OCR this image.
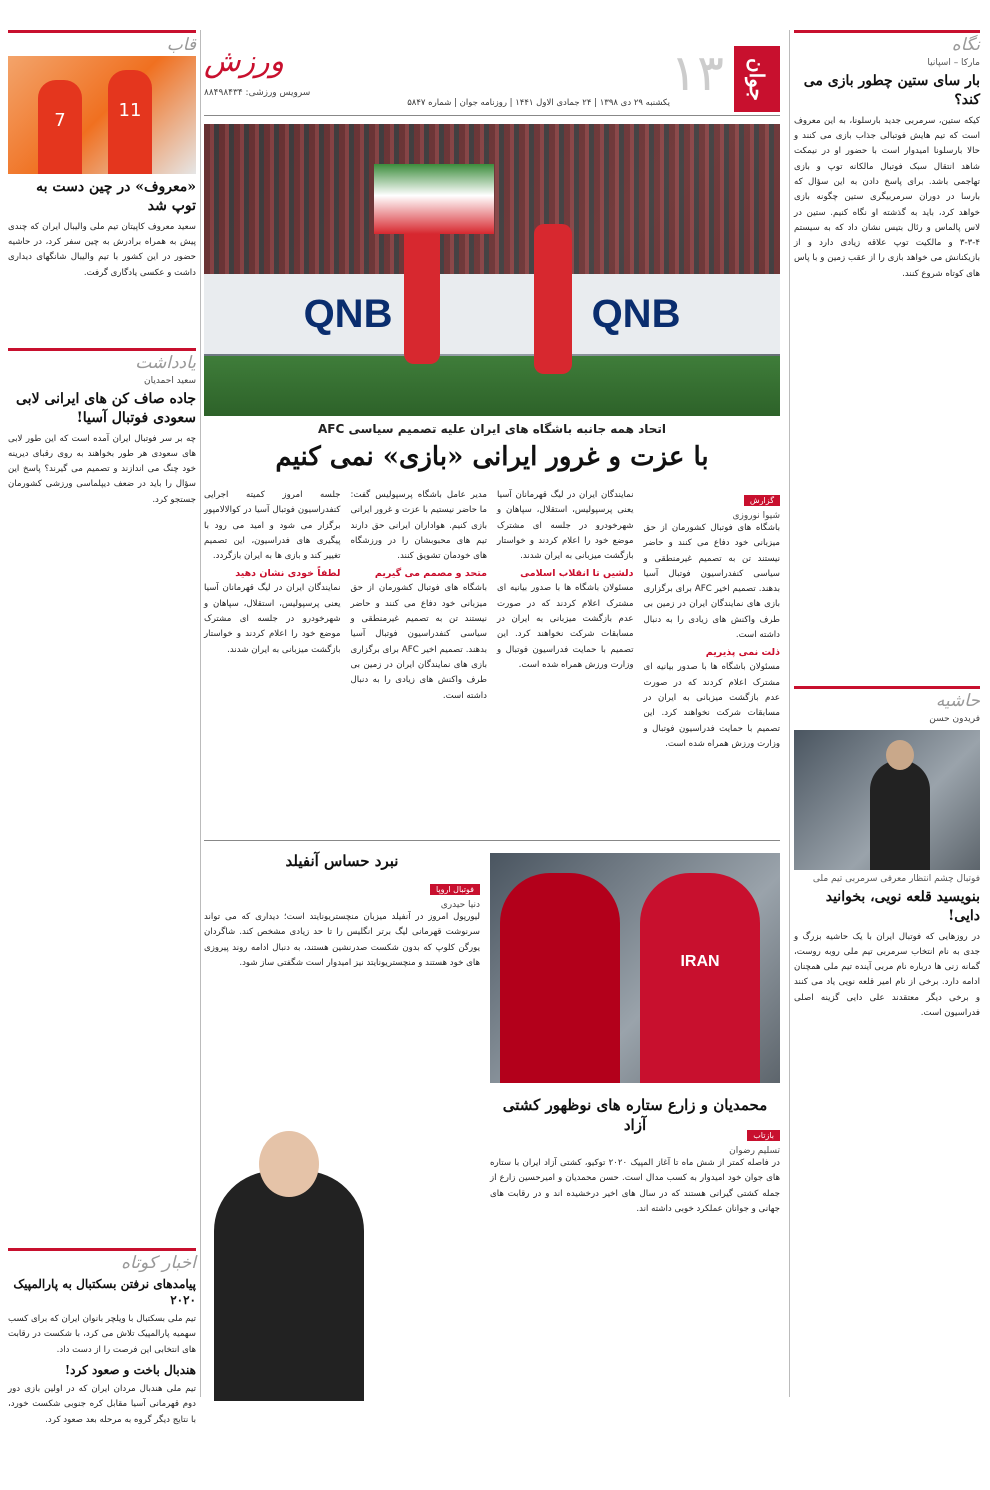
نگاه
مارکا – اسپانیا
بار سای ستین چطور بازی می کند؟
کیکه ستین، سرمربی جدید بارسلونا، به این معروف است که تیم هایش فوتبالی جذاب بازی می کنند و حالا بارسلونا امیدوار است با حضور او در نیمکت شاهد انتقال سبک فوتبال مالکانه توپ و بازی تهاجمی باشد. برای پاسخ دادن به این سؤال که بارسا در دوران سرمربیگری ستین چگونه بازی خواهد کرد، باید به گذشته او نگاه کنیم. ستین در لاس پالماس و رئال بتیس نشان داد که به سیستم ۴-۳-۳ و مالکیت توپ علاقه زیادی دارد و از بازیکنانش می خواهد بازی را از عقب زمین و با پاس های کوتاه شروع کنند.
حاشیه
فریدون حسن
فوتبال چشم انتظار معرفی سرمربی تیم ملی
بنویسید قلعه نویی، بخوانید دایی!
در روزهایی که فوتبال ایران با یک حاشیه بزرگ و جدی به نام انتخاب سرمربی تیم ملی روبه روست، گمانه زنی ها درباره نام مربی آینده تیم ملی همچنان ادامه دارد. برخی از نام امیر قلعه نویی یاد می کنند و برخی دیگر معتقدند علی دایی گزینه اصلی فدراسیون است.
جوان
۱۳
ورزش
سرویس ورزشی: ۸۸۴۹۸۴۳۴
یکشنبه ۲۹ دی ۱۳۹۸ | ۲۴ جمادی الاول ۱۴۴۱ | روزنامه جوان | شماره ۵۸۴۷
QNB
QNB
عکس: رضا محسنی / جوان
اتحاد همه جانبه باشگاه های ایران علیه تصمیم سیاسی AFC
با عزت و غرور ایرانی «بازی» نمی کنیم
گزارش
شیوا نوروزی
باشگاه های فوتبال کشورمان از حق میزبانی خود دفاع می کنند و حاضر نیستند تن به تصمیم غیرمنطقی و سیاسی کنفدراسیون فوتبال آسیا بدهند. تصمیم اخیر AFC برای برگزاری بازی های نمایندگان ایران در زمین بی طرف واکنش های زیادی را به دنبال داشته است.
ذلت نمی پذیریم
مسئولان باشگاه ها با صدور بیانیه ای مشترک اعلام کردند که در صورت عدم بازگشت میزبانی به ایران در مسابقات شرکت نخواهند کرد. این تصمیم با حمایت فدراسیون فوتبال و وزارت ورزش همراه شده است.
نمایندگان ایران در لیگ قهرمانان آسیا یعنی پرسپولیس، استقلال، سپاهان و شهرخودرو در جلسه ای مشترک موضع خود را اعلام کردند و خواستار بازگشت میزبانی به ایران شدند.
دلشیں تا انقلاب اسلامی
مسئولان باشگاه ها با صدور بیانیه ای مشترک اعلام کردند که در صورت عدم بازگشت میزبانی به ایران در مسابقات شرکت نخواهند کرد. این تصمیم با حمایت فدراسیون فوتبال و وزارت ورزش همراه شده است.
مدیر عامل باشگاه پرسپولیس گفت: ما حاضر نیستیم با عزت و غرور ایرانی بازی کنیم. هواداران ایرانی حق دارند تیم های محبوبشان را در ورزشگاه های خودمان تشویق کنند.
متحد و مصمم می گیریم
باشگاه های فوتبال کشورمان از حق میزبانی خود دفاع می کنند و حاضر نیستند تن به تصمیم غیرمنطقی و سیاسی کنفدراسیون فوتبال آسیا بدهند. تصمیم اخیر AFC برای برگزاری بازی های نمایندگان ایران در زمین بی طرف واکنش های زیادی را به دنبال داشته است.
جلسه امروز کمیته اجرایی کنفدراسیون فوتبال آسیا در کوالالامپور برگزار می شود و امید می رود با پیگیری های فدراسیون، این تصمیم تغییر کند و بازی ها به ایران بازگردد.
لطفاً خودی نشان دهید
نمایندگان ایران در لیگ قهرمانان آسیا یعنی پرسپولیس، استقلال، سپاهان و شهرخودرو در جلسه ای مشترک موضع خود را اعلام کردند و خواستار بازگشت میزبانی به ایران شدند.
IRAN
محمدیان و زارع ستاره های نوظهور کشتی آزاد
بازتاب
تسلیم رضوان
در فاصله کمتر از شش ماه تا آغاز المپیک ۲۰۲۰ توکیو، کشتی آزاد ایران با ستاره های جوان خود امیدوار به کسب مدال است. حسن محمدیان و امیرحسین زارع از جمله کشتی گیرانی هستند که در سال های اخیر درخشیده اند و در رقابت های جهانی و جوانان عملکرد خوبی داشته اند.
نبرد حساس آنفیلد
فوتبال اروپا
دنیا حیدری
لیورپول امروز در آنفیلد میزبان منچستریونایتد است؛ دیداری که می تواند سرنوشت قهرمانی لیگ برتر انگلیس را تا حد زیادی مشخص کند. شاگردان یورگن کلوپ که بدون شکست صدرنشین هستند، به دنبال ادامه روند پیروزی های خود هستند و منچستریونایتد نیز امیدوار است شگفتی ساز شود.
قاب
7	11
«معروف» در چین دست به توپ شد
سعید معروف کاپیتان تیم ملی والیبال ایران که چندی پیش به همراه برادرش به چین سفر کرد، در حاشیه حضور در این کشور با تیم والیبال شانگهای دیداری داشت و عکسی یادگاری گرفت.
یادداشت
سعید احمدیان
جاده صاف کن های ایرانی لابی سعودی فوتبال آسیا!
چه بر سر فوتبال ایران آمده است که این طور لابی های سعودی هر طور بخواهند به روی رقبای دیرینه خود چنگ می اندازند و تصمیم می گیرند؟ پاسخ این سؤال را باید در ضعف دیپلماسی ورزشی کشورمان جستجو کرد.
اخبار کوتاه
پیامدهای نرفتن بسکتبال به پارالمپیک ۲۰۲۰
تیم ملی بسکتبال با ویلچر بانوان ایران که برای کسب سهمیه پارالمپیک تلاش می کرد، با شکست در رقابت های انتخابی این فرصت را از دست داد.
هندبال باخت و صعود کرد!
تیم ملی هندبال مردان ایران که در اولین بازی دور دوم قهرمانی آسیا مقابل کره جنوبی شکست خورد، با نتایج دیگر گروه به مرحله بعد صعود کرد.
